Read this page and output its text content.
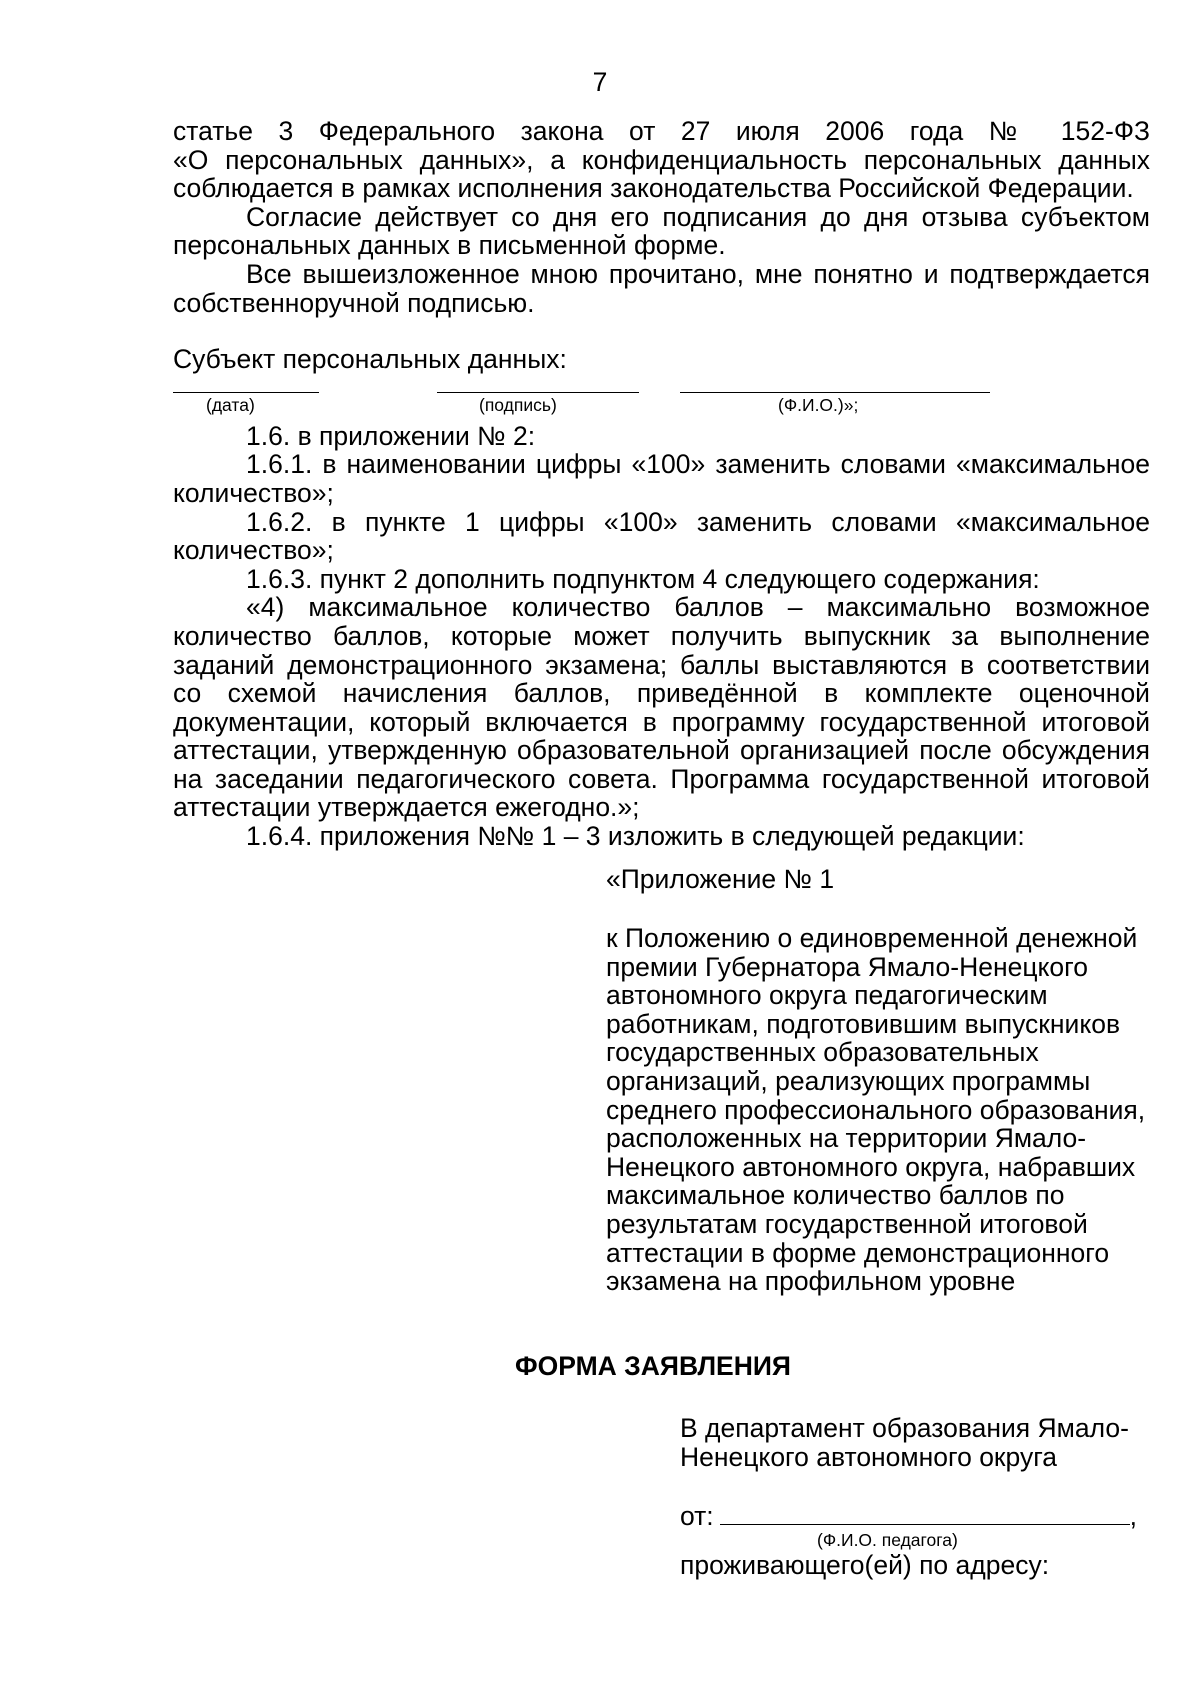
7

статье 3 Федерального закона от 27 июля 2006 года № 152-ФЗ

«О персональных данных», а конфиденциальность персональных данных

соблюдается в рамках исполнения законодательства Российской Федерации.

Согласие действует со дня его подписания до дня отзыва субъектом персональных данных в письменной форме.

Все вышеизложенное мною прочитано, мне понятно и подтверждается собственноручной подписью.

Субъект персональных данных:

(дата)	(подпись)	(Ф.И.О.)»;

1.6. в приложении № 2:

1.6.1. в наименовании цифры «100» заменить словами «максимальное количество»;

1.6.2. в пункте 1 цифры «100» заменить словами «максимальное количество»;

1.6.3. пункт 2 дополнить подпунктом 4 следующего содержания:

«4) максимальное количество баллов – максимально возможное количество баллов, которые может получить выпускник за выполнение заданий демонстрационного экзамена; баллы выставляются в соответствии со схемой начисления баллов, приведённой в комплекте оценочной документации, который включается в программу государственной итоговой аттестации, утвержденную образовательной организацией после обсуждения на заседании педагогического совета. Программа государственной итоговой аттестации утверждается ежегодно.»;

1.6.4. приложения №№ 1 – 3 изложить в следующей редакции:

«Приложение № 1
к Положению о единовременной денежной
премии Губернатора Ямало-Ненецкого
автономного округа педагогическим
работникам, подготовившим выпускников
государственных образовательных
организаций, реализующих программы
среднего профессионального образования,
расположенных на территории Ямало-
Ненецкого автономного округа, набравших
максимальное количество баллов по
результатам государственной итоговой
аттестации в форме демонстрационного
экзамена на профильном уровне
ФОРМА ЗАЯВЛЕНИЯ
В департамент образования Ямало-
Ненецкого автономного округа
от:	,
(Ф.И.О. педагога)
проживающего(ей) по адресу:
